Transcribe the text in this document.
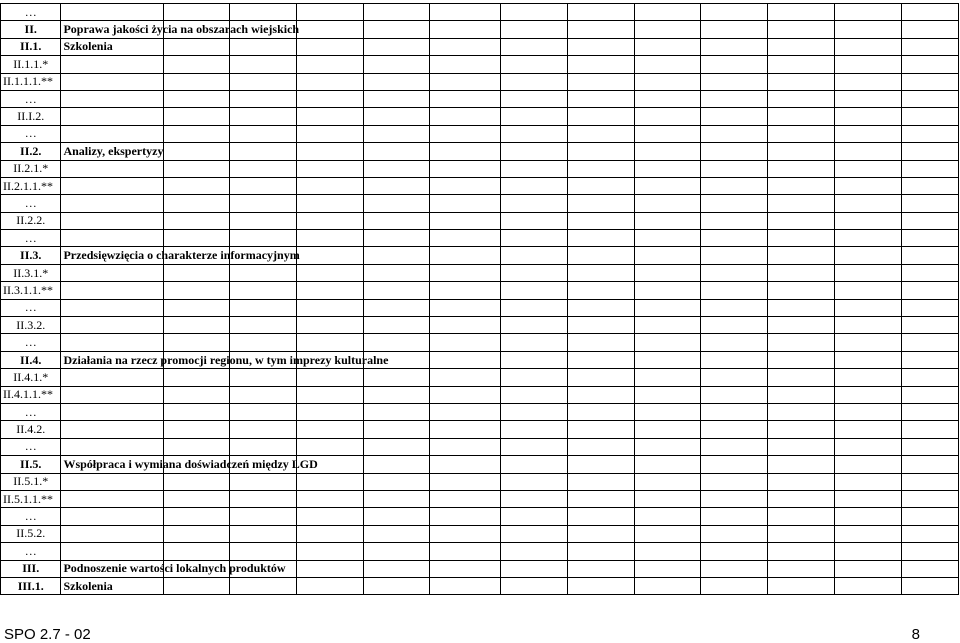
…													
II.	Poprawa jakości życia na obszarach wiejskich												
II.1.	Szkolenia												
II.1.1.*													
II.1.1.1.**													
…													
II.I.2.													
…													
II.2.	Analizy, ekspertyzy												
II.2.1.*													
II.2.1.1.**													
…													
II.2.2.													
…													
II.3.	Przedsięwzięcia o charakterze informacyjnym												
II.3.1.*													
II.3.1.1.**													
…													
II.3.2.													
…													
II.4.	Działania na rzecz promocji regionu, w tym imprezy kulturalne												
II.4.1.*													
II.4.1.1.**													
…													
II.4.2.													
…													
II.5.	Współpraca i wymiana doświadczeń między LGD												
II.5.1.*													
II.5.1.1.**													
…													
II.5.2.													
…													
III.	Podnoszenie wartości lokalnych produktów												
III.1.	Szkolenia												
SPO 2.7 - 02	8
